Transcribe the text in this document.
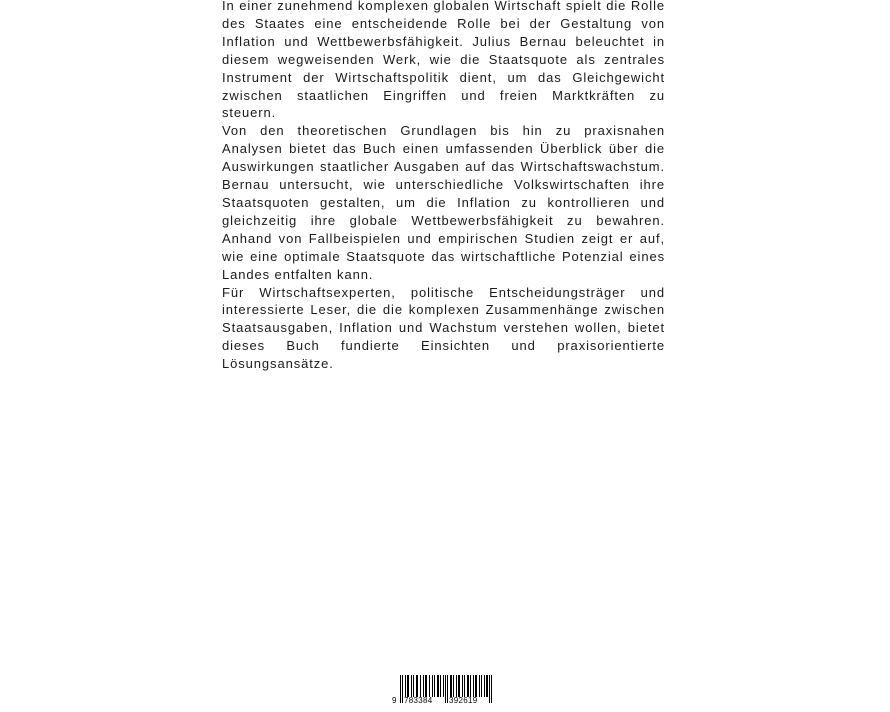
In einer zunehmend komplexen globalen Wirtschaft spielt die Rolle des Staates eine entscheidende Rolle bei der Gestaltung von Inflation und Wettbewerbsfähigkeit. Julius Bernau beleuchtet in diesem wegweisenden Werk, wie die Staatsquote als zentrales Instrument der Wirtschaftspolitik dient, um das Gleichgewicht zwischen staatlichen Eingriffen und freien Marktkräften zu steuern.

Von den theoretischen Grundlagen bis hin zu praxisnahen Analysen bietet das Buch einen umfassenden Überblick über die Auswirkungen staatlicher Ausgaben auf das Wirtschaftswachstum. Bernau untersucht, wie unterschiedliche Volkswirtschaften ihre Staatsquoten gestalten, um die Inflation zu kontrollieren und gleichzeitig ihre globale Wettbewerbsfähigkeit zu bewahren. Anhand von Fallbeispielen und empirischen Studien zeigt er auf, wie eine optimale Staatsquote das wirtschaftliche Potenzial eines Landes entfalten kann.

Für Wirtschaftsexperten, politische Entscheidungsträger und interessierte Leser, die die komplexen Zusammenhänge zwischen Staatsausgaben, Inflation und Wachstum verstehen wollen, bietet dieses Buch fundierte Einsichten und praxisorientierte Lösungsansätze.

9 783384 392619
